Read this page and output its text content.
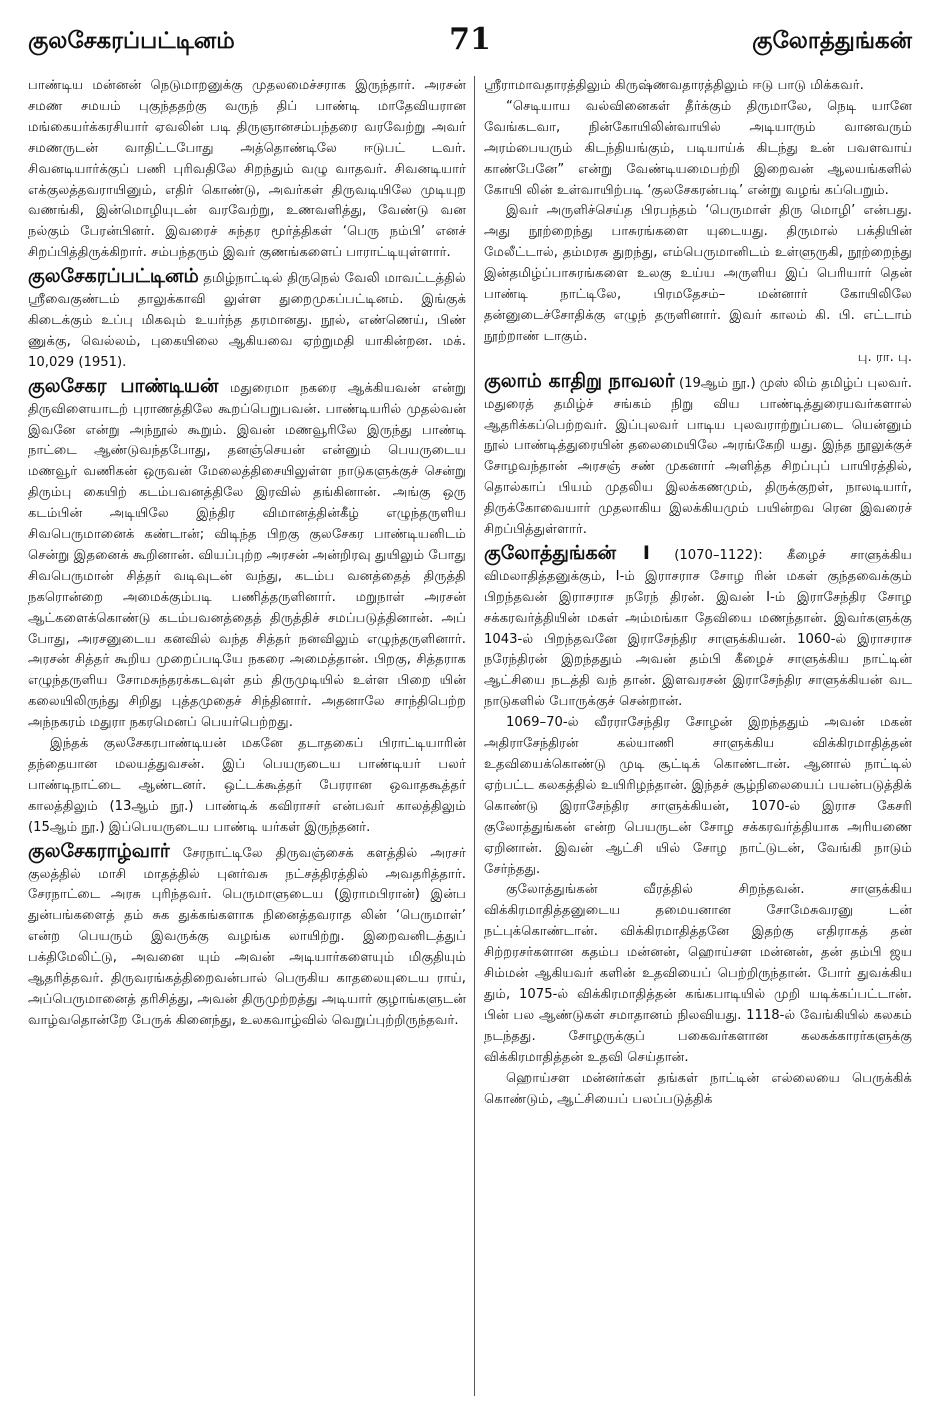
குலசேகரப்பட்டினம்	71	குலோத்துங்கன்

பாண்டிய மன்னன் நெடுமாறனுக்கு முதலமைச்சராக இருந்தார். அரசன் சமண சமயம் புகுந்ததற்கு வருந் திப் பாண்டி மாதேவியரான மங்கையர்க்கரசியார் ஏவலின் படி திருஞானசம்பந்தரை வரவேற்று அவர் சமணருடன் வாதிட்டபோது அத்தொண்டிலே ஈடுபட் டவர். சிவனடியார்க்குப் பணி புரிவதிலே சிறந்தும் வழு வாதவர். சிவனடியார் எக்குலத்தவராயினும், எதிர் கொண்டு, அவர்கள் திருவடியிலே முடியுற வணங்கி, இன்மொழியுடன் வரவேற்று, உணவளித்து, வேண்டு வன நல்கும் பேரன்பினர். இவரைச் சுந்தர மூர்த்திகள் ‘பெரு நம்பி’ எனச் சிறப்பித்திருக்கிறார். சம்பந்தரும் இவர் குணங்களைப் பாராட்டியுள்ளார்.

குலசேகரப்பட்டினம் தமிழ்நாட்டில் திருநெல் வேலி மாவட்டத்தில் ஸ்ரீவைகுண்டம் தாலுக்காவி லுள்ள துறைமுகப்பட்டினம். இங்குக் கிடைக்கும் உப்பு மிகவும் உயர்ந்த தரமானது. நூல், எண்ணெய், பிண் ணுக்கு, வெல்லம், புகையிலை ஆகியவை ஏற்றுமதி யாகின்றன. மக். 10,029 (1951).

குலசேகர பாண்டியன் மதுரைமா நகரை ஆக்கியவன் என்று திருவிளையாடற் புராணத்திலே கூறப்பெறுபவன். பாண்டியரில் முதல்வன் இவனே என்று அந்நூல் கூறும். இவன் மணவூரிலே இருந்து பாண்டி நாட்டை ஆண்டுவந்தபோது, தனஞ்செயன் என்னும் பெயருடைய மணவூர் வணிகன் ஒருவன் மேலைத்திசையிலுள்ள நாடுகளுக்குச் சென்று திரும்பு கையிற் கடம்பவனத்திலே இரவில் தங்கினான். அங்கு ஒரு கடம்பின் அடியிலே இந்திர விமானத்தின்கீழ் எழுந்தருளிய சிவபெருமானைக் கண்டான்; விடிந்த பிறகு குலசேகர பாண்டியனிடம் சென்று இதனைக் கூறினான். வியப்புற்ற அரசன் அன்றிரவு துயிலும் போது சிவபெருமான் சித்தர் வடிவுடன் வந்து, கடம்ப வனத்தைத் திருத்தி நகரொன்றை அமைக்கும்படி பணித்தருளினார். மறுநாள் அரசன் ஆட்களைக்கொண்டு கடம்பவனத்தைத் திருத்திச் சமப்படுத்தினான். அப் போது, அரசனுடைய கனவில் வந்த சித்தர் நனவிலும் எழுந்தருளினார். அரசன் சித்தர் கூறிய முறைப்படியே நகரை அமைத்தான். பிறகு, சித்தராக எழுந்தருளிய சோமசுந்தரக்கடவுள் தம் திருமுடியில் உள்ள பிறை யின் கலையிலிருந்து சிறிது புத்தமுதைச் சிந்தினார். அதனாலே சாந்திபெற்ற அந்நகரம் மதுரா நகரமெனப் பெயர்பெற்றது.

இந்தக் குலசேகரபாண்டியன் மகனே தடாதகைப் பிராட்டியாரின் தந்தையான மலயத்துவசன். இப் பெயருடைய பாண்டியர் பலர் பாண்டிநாட்டை ஆண்டனர். ஒட்டக்கூத்தர் பேரரான ஒவாதகூத்தர் காலத்திலும் (13ஆம் நூ.) பாண்டிக் கவிராசர் என்பவர் காலத்திலும் (15ஆம் நூ.) இப்பெயருடைய பாண்டி யர்கள் இருந்தனர்.

குலசேகராழ்வார் சேரநாட்டிலே திருவஞ்சைக் களத்தில் அரசர் குலத்தில் மாசி மாதத்தில் புனர்வசு நட்சத்திரத்தில் அவதரித்தார். சேரநாட்டை அரசு புரிந்தவர். பெருமாளுடைய (இராமபிரான்) இன்ப துன்பங்களைத் தம் சுக துக்கங்களாக நினைத்தவராத லின் ‘பெருமாள்’ என்ற பெயரும் இவருக்கு வழங்க லாயிற்று. இறைவனிடத்துப் பக்திமேலிட்டு, அவனை யும் அவன் அடியார்களையும் மிகுதியும் ஆதரித்தவர். திருவரங்கத்திறைவன்பால் பெருகிய காதலையுடைய ராய், அப்பெருமானைத் தரிசித்து, அவன் திருமுற்றத்து அடியார் குழாங்களுடன் வாழ்வதொன்றே பேருக் கினைந்து, உலகவாழ்வில் வெறுப்புற்றிருந்தவர்.

ஸ்ரீராமாவதாரத்திலும் கிருஷ்ணவதாரத்திலும் ஈடு பாடு மிக்கவர்.

“செடியாய வல்வினைகள் தீர்க்கும் திருமாலே, நெடி யானே வேங்கடவா, நின்கோயிலின்வாயில் அடியாரும் வானவரும் அரம்பையரும் கிடந்தியங்கும், படியாய்க் கிடந்து உன் பவளவாய் காண்பேனே” என்று வேண்டியமைபற்றி இறைவன் ஆலயங்களில் கோயி லின் உள்வாயிற்படி ‘குலசேகரன்படி’ என்று வழங் கப்பெறும்.

இவர் அருளிச்செய்த பிரபந்தம் ‘பெருமாள் திரு மொழி’ என்பது. அது நூற்றைந்து பாசுரங்களை யுடையது. திருமால் பக்தியின் மேலீட்டால், தம்மரசு துறந்து, எம்பெருமானிடம் உள்ளுருகி, நூற்றைந்து இன்தமிழ்ப்பாசுரங்களை உலகு உய்ய அருளிய இப் பெரியார் தென் பாண்டி நாட்டிலே, பிரமதேசம்– மன்னார் கோயிலிலே தன்னுடைச்சோதிக்கு எழுந் தருளினார். இவர் காலம் கி. பி. எட்டாம் நூற்றாண் டாகும்.

பு. ரா. பு.

குலாம் காதிறு நாவலர் (19ஆம் நூ.) முஸ் லிம் தமிழ்ப் புலவர். மதுரைத் தமிழ்ச் சங்கம் நிறு விய பாண்டித்துரையவர்களால் ஆதரிக்கப்பெற்றவர். இப்புலவர் பாடிய புலவராற்றுப்படை யென்னும் நூல் பாண்டித்துரையின் தலைமையிலே அரங்கேறி யது. இந்த நூலுக்குச் சோழவந்தான் அரசஞ் சண் முகனார் அளித்த சிறப்புப் பாயிரத்தில், தொல்காப் பியம் முதலிய இலக்கணமும், திருக்குறள், நாலடியார், திருக்கோவையார் முதலாகிய இலக்கியமும் பயின்றவ ரென இவரைச் சிறப்பித்துள்ளார்.

குலோத்துங்கன் I (1070–1122): கீழைச் சாளுக்கிய விமலாதித்தனுக்கும், I-ம் இராசராச சோழ ரின் மகள் குந்தவைக்கும் பிறந்தவன் இராசராச நரேந் திரன். இவன் I-ம் இராசேந்திர சோழ சக்கரவர்த்தியின் மகள் அம்மங்கா தேவியை மணந்தான். இவர்களுக்கு 1043-ல் பிறந்தவனே இராசேந்திர சாளுக்கியன். 1060-ல் இராசராச நரேந்திரன் இறந்ததும் அவன் தம்பி கீழைச் சாளுக்கிய நாட்டின் ஆட்சியை நடத்தி வந் தான். இளவரசன் இராசேந்திர சாளுக்கியன் வட நாடுகளில் போருக்குச் சென்றான்.

1069–70-ல் வீரராசேந்திர சோழன் இறந்ததும் அவன் மகன் அதிராசேந்திரன் கல்யாணி சாளுக்கிய விக்கிரமாதித்தன் உதவியைக்கொண்டு முடி சூட்டிக் கொண்டான். ஆனால் நாட்டில் ஏற்பட்ட கலகத்தில் உயிரிழந்தான். இந்தச் சூழ்நிலையைப் பயன்படுத்திக் கொண்டு இராசேந்திர சாளுக்கியன், 1070-ல் இராச கேசரி குலோத்துங்கன் என்ற பெயருடன் சோழ சக்கரவர்த்தியாக அரியணை ஏறினான். இவன் ஆட்சி யில் சோழ நாட்டுடன், வேங்கி நாடும் சேர்ந்தது.

குலோத்துங்கன் வீரத்தில் சிறந்தவன். சாளுக்கிய விக்கிரமாதித்தனுடைய தமையனான சோமேசுவரனு டன் நட்புக்கொண்டான். விக்கிரமாதித்தனே இதற்கு எதிராகத் தன் சிற்றரசர்களான கதம்ப மன்னன், ஹொய்சள மன்னன், தன் தம்பி ஜய சிம்மன் ஆகியவர் களின் உதவியைப் பெற்றிருந்தான். போர் துவக்கிய தும், 1075-ல் விக்கிரமாதித்தன் கங்கபாடியில் முறி யடிக்கப்பட்டான். பின் பல ஆண்டுகள் சமாதானம் நிலவியது. 1118-ல் வேங்கியில் கலகம் நடந்தது. சோழருக்குப் பகைவர்களான கலகக்காரர்களுக்கு விக்கிரமாதித்தன் உதவி செய்தான்.

ஹொய்சள மன்னர்கள் தங்கள் நாட்டின் எல்லையை பெருக்கிக் கொண்டும், ஆட்சியைப் பலப்படுத்திக்
